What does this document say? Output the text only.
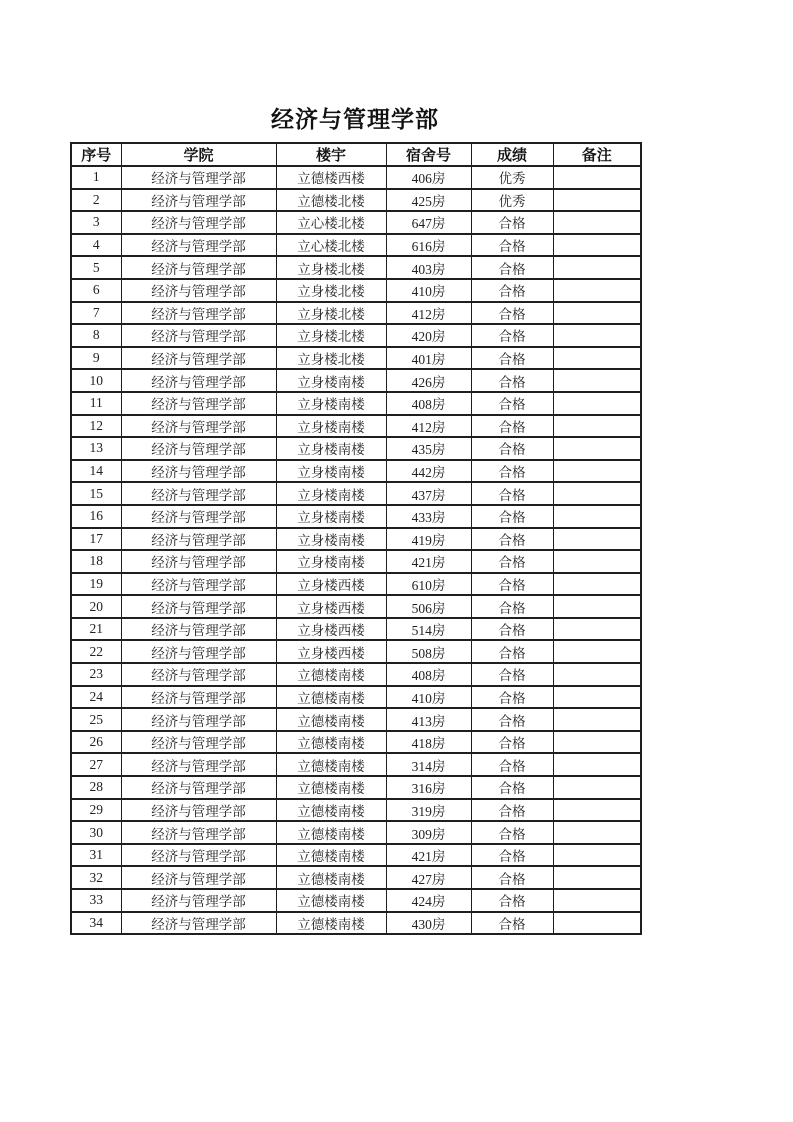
经济与管理学部
序号	学院	楼宇	宿舍号	成绩	备注
1	经济与管理学部	立德楼西楼	406房	优秀	
2	经济与管理学部	立德楼北楼	425房	优秀	
3	经济与管理学部	立心楼北楼	647房	合格	
4	经济与管理学部	立心楼北楼	616房	合格	
5	经济与管理学部	立身楼北楼	403房	合格	
6	经济与管理学部	立身楼北楼	410房	合格	
7	经济与管理学部	立身楼北楼	412房	合格	
8	经济与管理学部	立身楼北楼	420房	合格	
9	经济与管理学部	立身楼北楼	401房	合格	
10	经济与管理学部	立身楼南楼	426房	合格	
11	经济与管理学部	立身楼南楼	408房	合格	
12	经济与管理学部	立身楼南楼	412房	合格	
13	经济与管理学部	立身楼南楼	435房	合格	
14	经济与管理学部	立身楼南楼	442房	合格	
15	经济与管理学部	立身楼南楼	437房	合格	
16	经济与管理学部	立身楼南楼	433房	合格	
17	经济与管理学部	立身楼南楼	419房	合格	
18	经济与管理学部	立身楼南楼	421房	合格	
19	经济与管理学部	立身楼西楼	610房	合格	
20	经济与管理学部	立身楼西楼	506房	合格	
21	经济与管理学部	立身楼西楼	514房	合格	
22	经济与管理学部	立身楼西楼	508房	合格	
23	经济与管理学部	立德楼南楼	408房	合格	
24	经济与管理学部	立德楼南楼	410房	合格	
25	经济与管理学部	立德楼南楼	413房	合格	
26	经济与管理学部	立德楼南楼	418房	合格	
27	经济与管理学部	立德楼南楼	314房	合格	
28	经济与管理学部	立德楼南楼	316房	合格	
29	经济与管理学部	立德楼南楼	319房	合格	
30	经济与管理学部	立德楼南楼	309房	合格	
31	经济与管理学部	立德楼南楼	421房	合格	
32	经济与管理学部	立德楼南楼	427房	合格	
33	经济与管理学部	立德楼南楼	424房	合格	
34	经济与管理学部	立德楼南楼	430房	合格	
